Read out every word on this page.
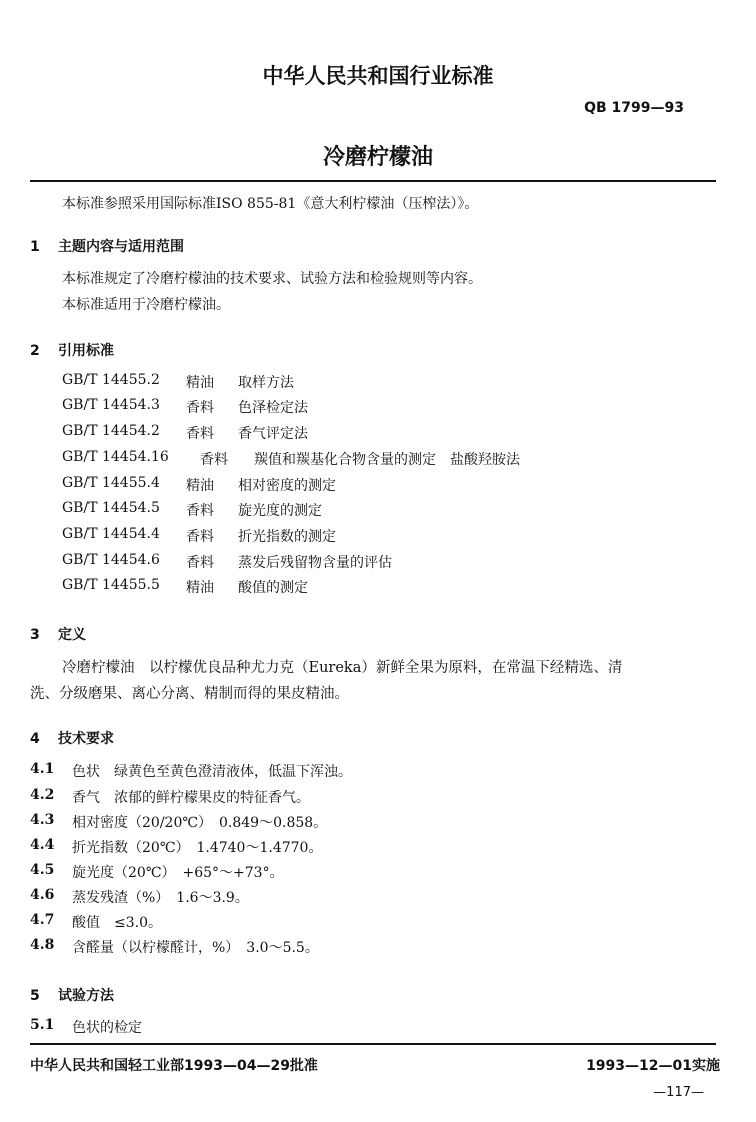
中华人民共和国行业标准
QB 1799—93
冷磨柠檬油
本标准参照采用国际标准ISO 855-81《意大利柠檬油（压榨法）》。
1 主题内容与适用范围
本标准规定了冷磨柠檬油的技术要求、试验方法和检验规则等内容。
本标准适用于冷磨柠檬油。
2 引用标准
GB/T 14455.2 精油 取样方法
GB/T 14454.3 香料 色泽检定法
GB/T 14454.2 香料 香气评定法
GB/T 14454.16 香料 羰值和羰基化合物含量的测定　盐酸羟胺法
GB/T 14455.4 精油 相对密度的测定
GB/T 14454.5 香料 旋光度的测定
GB/T 14454.4 香料 折光指数的测定
GB/T 14454.6 香料 蒸发后残留物含量的评估
GB/T 14455.5 精油 酸值的测定
3 定义
冷磨柠檬油　以柠檬优良品种尤力克（Eureka）新鲜全果为原料，在常温下经精选、清
洗、分级磨果、离心分离、精制而得的果皮精油。
4 技术要求
4.1 色状　绿黄色至黄色澄清液体，低温下浑浊。
4.2 香气　浓郁的鲜柠檬果皮的特征香气。
4.3 相对密度（20/20℃）　0.849～0.858。
4.4 折光指数（20℃）　1.4740～1.4770。
4.5 旋光度（20℃）　+65°～+73°。
4.6 蒸发残渣（%）　1.6～3.9。
4.7 酸值　≤3.0。
4.8 含醛量（以柠檬醛计，%）　3.0～5.5。
5 试验方法
5.1 色状的检定
中华人民共和国轻工业部1993—04—29批准	1993—12—01实施
—117—
